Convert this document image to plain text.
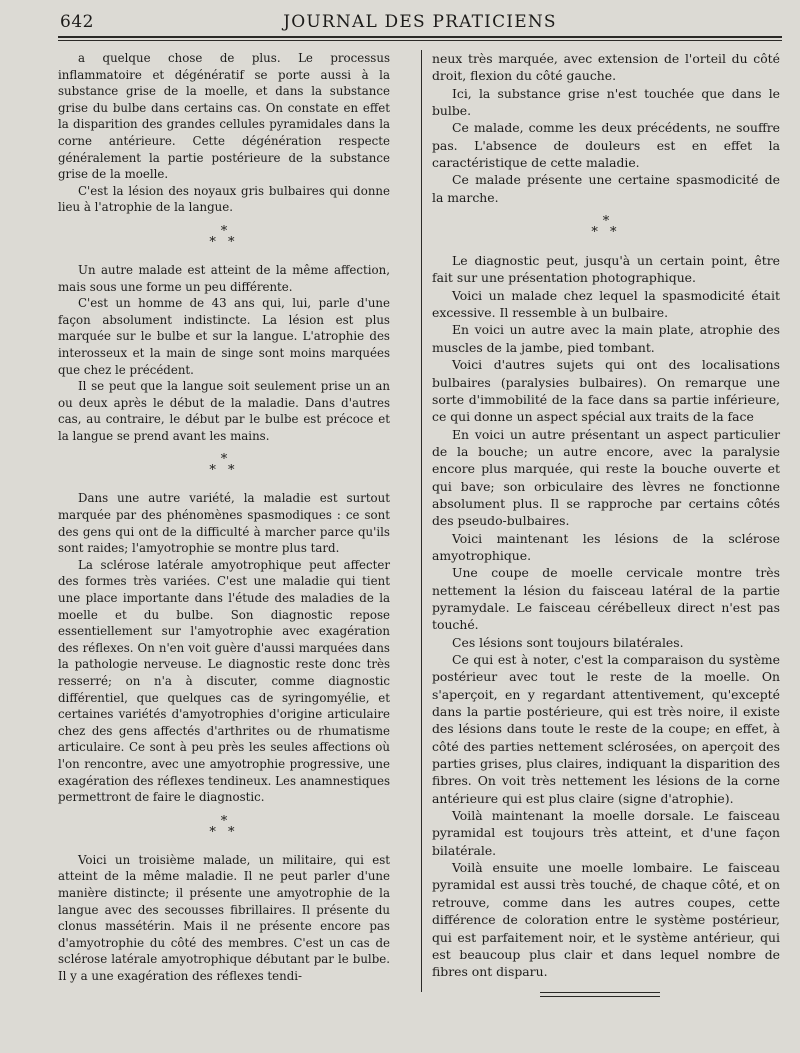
642	JOURNAL DES PRATICIENS

a quelque chose de plus. Le processus inflammatoire et dégénératif se porte aussi à la substance grise de la moelle, et dans la substance grise du bulbe dans certains cas. On constate en effet la disparition des grandes cellules pyramidales dans la corne antérieure. Cette dégénération respecte généralement la partie postérieure de la substance grise de la moelle.

C'est la lésion des noyaux gris bulbaires qui donne lieu à l'atrophie de la langue.

*
* *

Un autre malade est atteint de la même affection, mais sous une forme un peu différente.

C'est un homme de 43 ans qui, lui, parle d'une façon absolument indistincte. La lésion est plus marquée sur le bulbe et sur la langue. L'atrophie des interosseux et la main de singe sont moins marquées que chez le précédent.

Il se peut que la langue soit seulement prise un an ou deux après le début de la maladie. Dans d'autres cas, au contraire, le début par le bulbe est précoce et la langue se prend avant les mains.

*
* *

Dans une autre variété, la maladie est surtout marquée par des phénomènes spasmodiques : ce sont des gens qui ont de la difficulté à marcher parce qu'ils sont raides; l'amyotrophie se montre plus tard.

La sclérose latérale amyotrophique peut affecter des formes très variées. C'est une maladie qui tient une place importante dans l'étude des maladies de la moelle et du bulbe. Son diagnostic repose essentiellement sur l'amyotrophie avec exagération des réflexes. On n'en voit guère d'aussi marquées dans la pathologie nerveuse. Le diagnostic reste donc très resserré; on n'a à discuter, comme diagnostic différentiel, que quelques cas de syringomyélie, et certaines variétés d'amyotrophies d'origine articulaire chez des gens affectés d'arthrites ou de rhumatisme articulaire. Ce sont à peu près les seules affections où l'on rencontre, avec une amyotrophie progressive, une exagération des réflexes tendineux. Les anamnestiques permettront de faire le diagnostic.

*
* *

Voici un troisième malade, un militaire, qui est atteint de la même maladie. Il ne peut parler d'une manière distincte; il présente une amyotrophie de la langue avec des secousses fibrillaires. Il présente du clonus massétérin. Mais il ne présente encore pas d'amyotrophie du côté des membres. C'est un cas de sclérose latérale amyotrophique débutant par le bulbe. Il y a une exagération des réflexes tendi-

neux très marquée, avec extension de l'orteil du côté droit, flexion du côté gauche.

Ici, la substance grise n'est touchée que dans le bulbe.

Ce malade, comme les deux précédents, ne souffre pas. L'absence de douleurs est en effet la caractéristique de cette maladie.

Ce malade présente une certaine spasmodicité de la marche.

*
* *

Le diagnostic peut, jusqu'à un certain point, être fait sur une présentation photographique.

Voici un malade chez lequel la spasmodicité était excessive. Il ressemble à un bulbaire.

En voici un autre avec la main plate, atrophie des muscles de la jambe, pied tombant.

Voici d'autres sujets qui ont des localisations bulbaires (paralysies bulbaires). On remarque une sorte d'immobilité de la face dans sa partie inférieure, ce qui donne un aspect spécial aux traits de la face

En voici un autre présentant un aspect particulier de la bouche; un autre encore, avec la paralysie encore plus marquée, qui reste la bouche ouverte et qui bave; son orbiculaire des lèvres ne fonctionne absolument plus. Il se rapproche par certains côtés des pseudo-bulbaires.

Voici maintenant les lésions de la sclérose amyotrophique.

Une coupe de moelle cervicale montre très nettement la lésion du faisceau latéral de la partie pyramydale. Le faisceau cérébelleux direct n'est pas touché.

Ces lésions sont toujours bilatérales.

Ce qui est à noter, c'est la comparaison du système postérieur avec tout le reste de la moelle. On s'aperçoit, en y regardant attentivement, qu'excepté dans la partie postérieure, qui est très noire, il existe des lésions dans toute le reste de la coupe; en effet, à côté des parties nettement sclérosées, on aperçoit des parties grises, plus claires, indiquant la disparition des fibres. On voit très nettement les lésions de la corne antérieure qui est plus claire (signe d'atrophie).

Voilà maintenant la moelle dorsale. Le faisceau pyramidal est toujours très atteint, et d'une façon bilatérale.

Voilà ensuite une moelle lombaire. Le faisceau pyramidal est aussi très touché, de chaque côté, et on retrouve, comme dans les autres coupes, cette différence de coloration entre le système postérieur, qui est parfaitement noir, et le système antérieur, qui est beaucoup plus clair et dans lequel nombre de fibres ont disparu.
